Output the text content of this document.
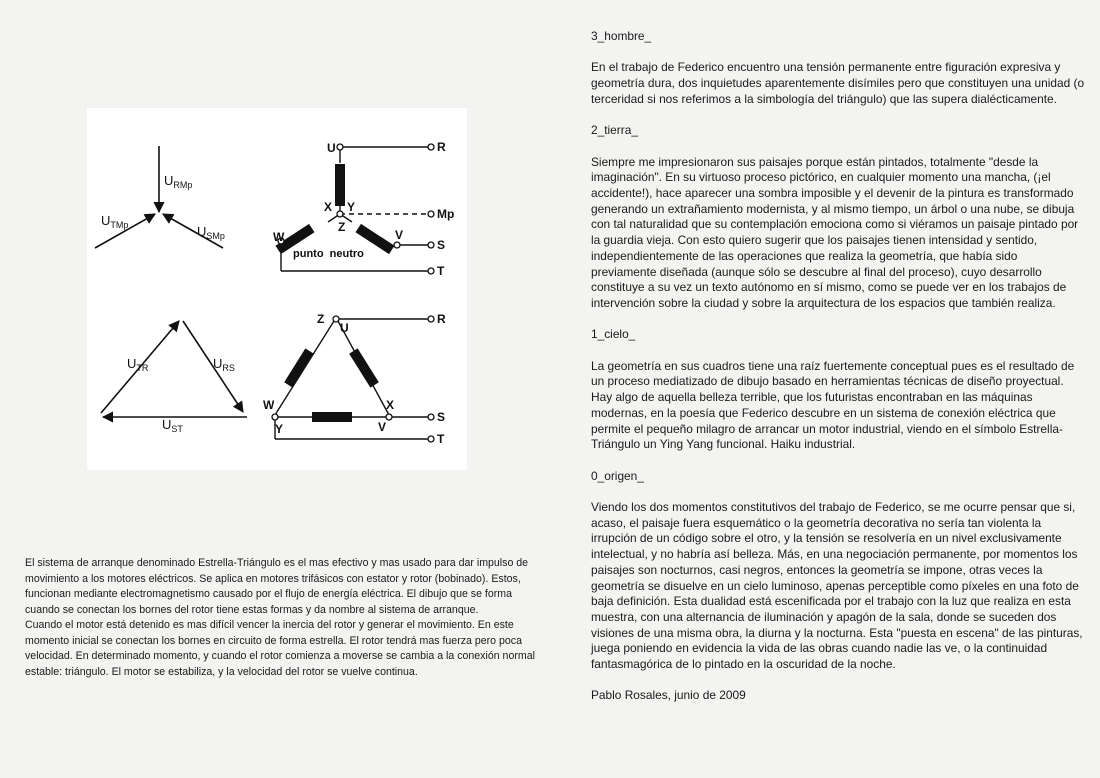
$U_{RMp}$
$U_{TMp}$	$U_{SMp}$
U
X Y
Z
W	V
R
Mp
S
T
punto  neutro
$U_{TR}$	$U_{RS}$
$U_{ST}$
Z
U
W	X
Y	V
R
S
T

El sistema de arranque denominado Estrella-Triángulo es el mas efectivo y mas usado para dar impulso de movimiento a los motores eléctricos. Se aplica en motores trifásicos con estator y rotor (bobinado). Estos, funcionan mediante electromagnetismo causado por el flujo de energía eléctrica. El dibujo que se forma cuando se conectan los bornes del rotor tiene estas formas y da nombre al sistema de arranque.

Cuando el motor está detenido es mas difícil vencer la inercia del rotor y generar el movimiento. En este momento inicial se conectan los bornes en circuito de forma estrella. El rotor tendrá mas fuerza pero poca velocidad. En determinado momento, y cuando el rotor comienza a moverse se cambia a la conexión normal estable: triángulo. El motor se estabiliza, y la velocidad del rotor se vuelve continua.

3_hombre_

En el trabajo de Federico encuentro una tensión permanente entre figuración expresiva y geometría dura, dos inquietudes aparentemente disímiles pero que constituyen una unidad (o terceridad si nos referimos a la simbología del triángulo) que las supera dialécticamente.

2_tierra_

Siempre me impresionaron sus paisajes porque están pintados, totalmente "desde la imaginación". En su virtuoso proceso pictórico, en cualquier momento una mancha, (¡el accidente!), hace aparecer una sombra imposible y el devenir de la pintura es transformado generando un extrañamiento modernista, y al mismo tiempo, un árbol o una nube, se dibuja con tal naturalidad que su contemplación emociona como si viéramos un paisaje pintado por la guardia vieja. Con esto quiero sugerir que los paisajes tienen intensidad y sentido, independientemente de las operaciones que realiza la geometría, que había sido previamente diseñada (aunque sólo se descubre al final del proceso), cuyo desarrollo constituye a su vez un texto autónomo en sí mismo, como se puede ver en los trabajos de intervención sobre la ciudad y sobre la arquitectura de los espacios que también realiza.

1_cielo_

La geometría en sus cuadros tiene una raíz fuertemente conceptual pues es el resultado de un proceso mediatizado de dibujo basado en herramientas técnicas de diseño proyectual. Hay algo de aquella belleza terrible, que los futuristas encontraban en las máquinas modernas, en la poesía que Federico descubre en un sistema de conexión eléctrica que permite el pequeño milagro de arrancar un motor industrial, viendo en el símbolo Estrella-Triángulo un Ying Yang funcional. Haiku industrial.

0_origen_

Viendo los dos momentos constitutivos del trabajo de Federico, se me ocurre pensar que si, acaso, el paisaje fuera esquemático o la geometría decorativa no sería tan violenta la irrupción de un código sobre el otro, y la tensión se resolvería en un nivel exclusivamente intelectual, y no habría así belleza. Más, en una negociación permanente, por momentos los paisajes son nocturnos, casi negros, entonces la geometría se impone, otras veces la geometría se disuelve en un cielo luminoso, apenas perceptible como píxeles en una foto de baja definición. Esta dualidad está escenificada por el trabajo con la luz que realiza en esta muestra, con una alternancia de iluminación y apagón de la sala, donde se suceden dos visiones de una misma obra, la diurna y la nocturna. Esta "puesta en escena" de las pinturas, juega poniendo en evidencia la vida de las obras cuando nadie las ve, o la continuidad fantasmagórica de lo pintado en la oscuridad de la noche.

Pablo Rosales, junio de 2009
